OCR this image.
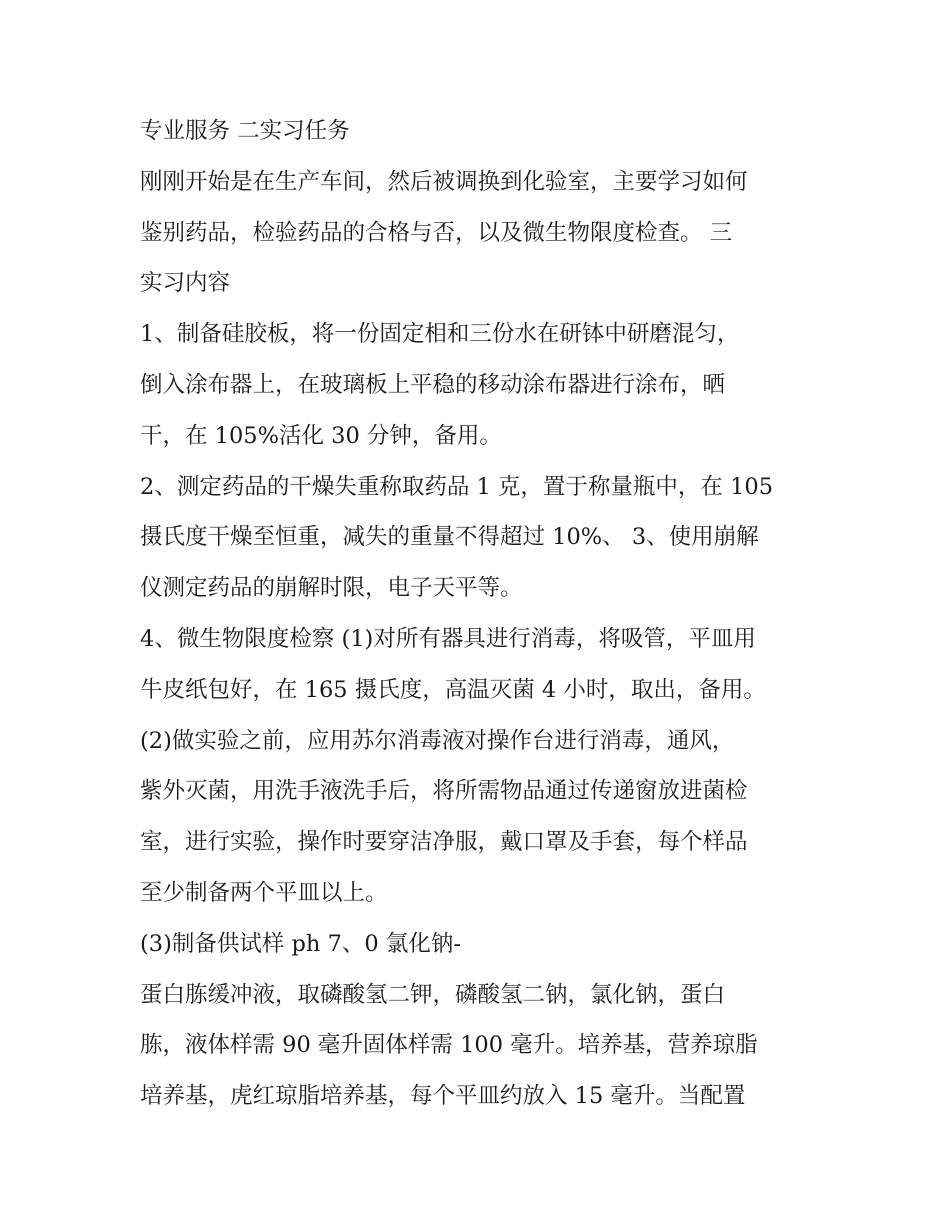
专业服务 二实习任务
刚刚开始是在生产车间，然后被调换到化验室，主要学习如何
鉴别药品，检验药品的合格与否，以及微生物限度检查。 三
实习内容
1、制备硅胶板，将一份固定相和三份水在研钵中研磨混匀，
倒入涂布器上，在玻璃板上平稳的移动涂布器进行涂布，晒
干，在 105%活化 30 分钟，备用。
2、测定药品的干燥失重称取药品 1 克，置于称量瓶中，在 105
摄氏度干燥至恒重，减失的重量不得超过 10%、 3、使用崩解
仪测定药品的崩解时限，电子天平等。
4、微生物限度检察 (1)对所有器具进行消毒，将吸管，平皿用
牛皮纸包好，在 165 摄氏度，高温灭菌 4 小时，取出，备用。
(2)做实验之前，应用苏尔消毒液对操作台进行消毒，通风，
紫外灭菌，用洗手液洗手后，将所需物品通过传递窗放进菌检
室，进行实验，操作时要穿洁净服，戴口罩及手套，每个样品
至少制备两个平皿以上。
(3)制备供试样 ph 7、0 氯化钠-
蛋白胨缓冲液，取磷酸氢二钾，磷酸氢二钠，氯化钠，蛋白
胨，液体样需 90 毫升固体样需 100 毫升。培养基，营养琼脂
培养基，虎红琼脂培养基，每个平皿约放入 15 毫升。当配置
